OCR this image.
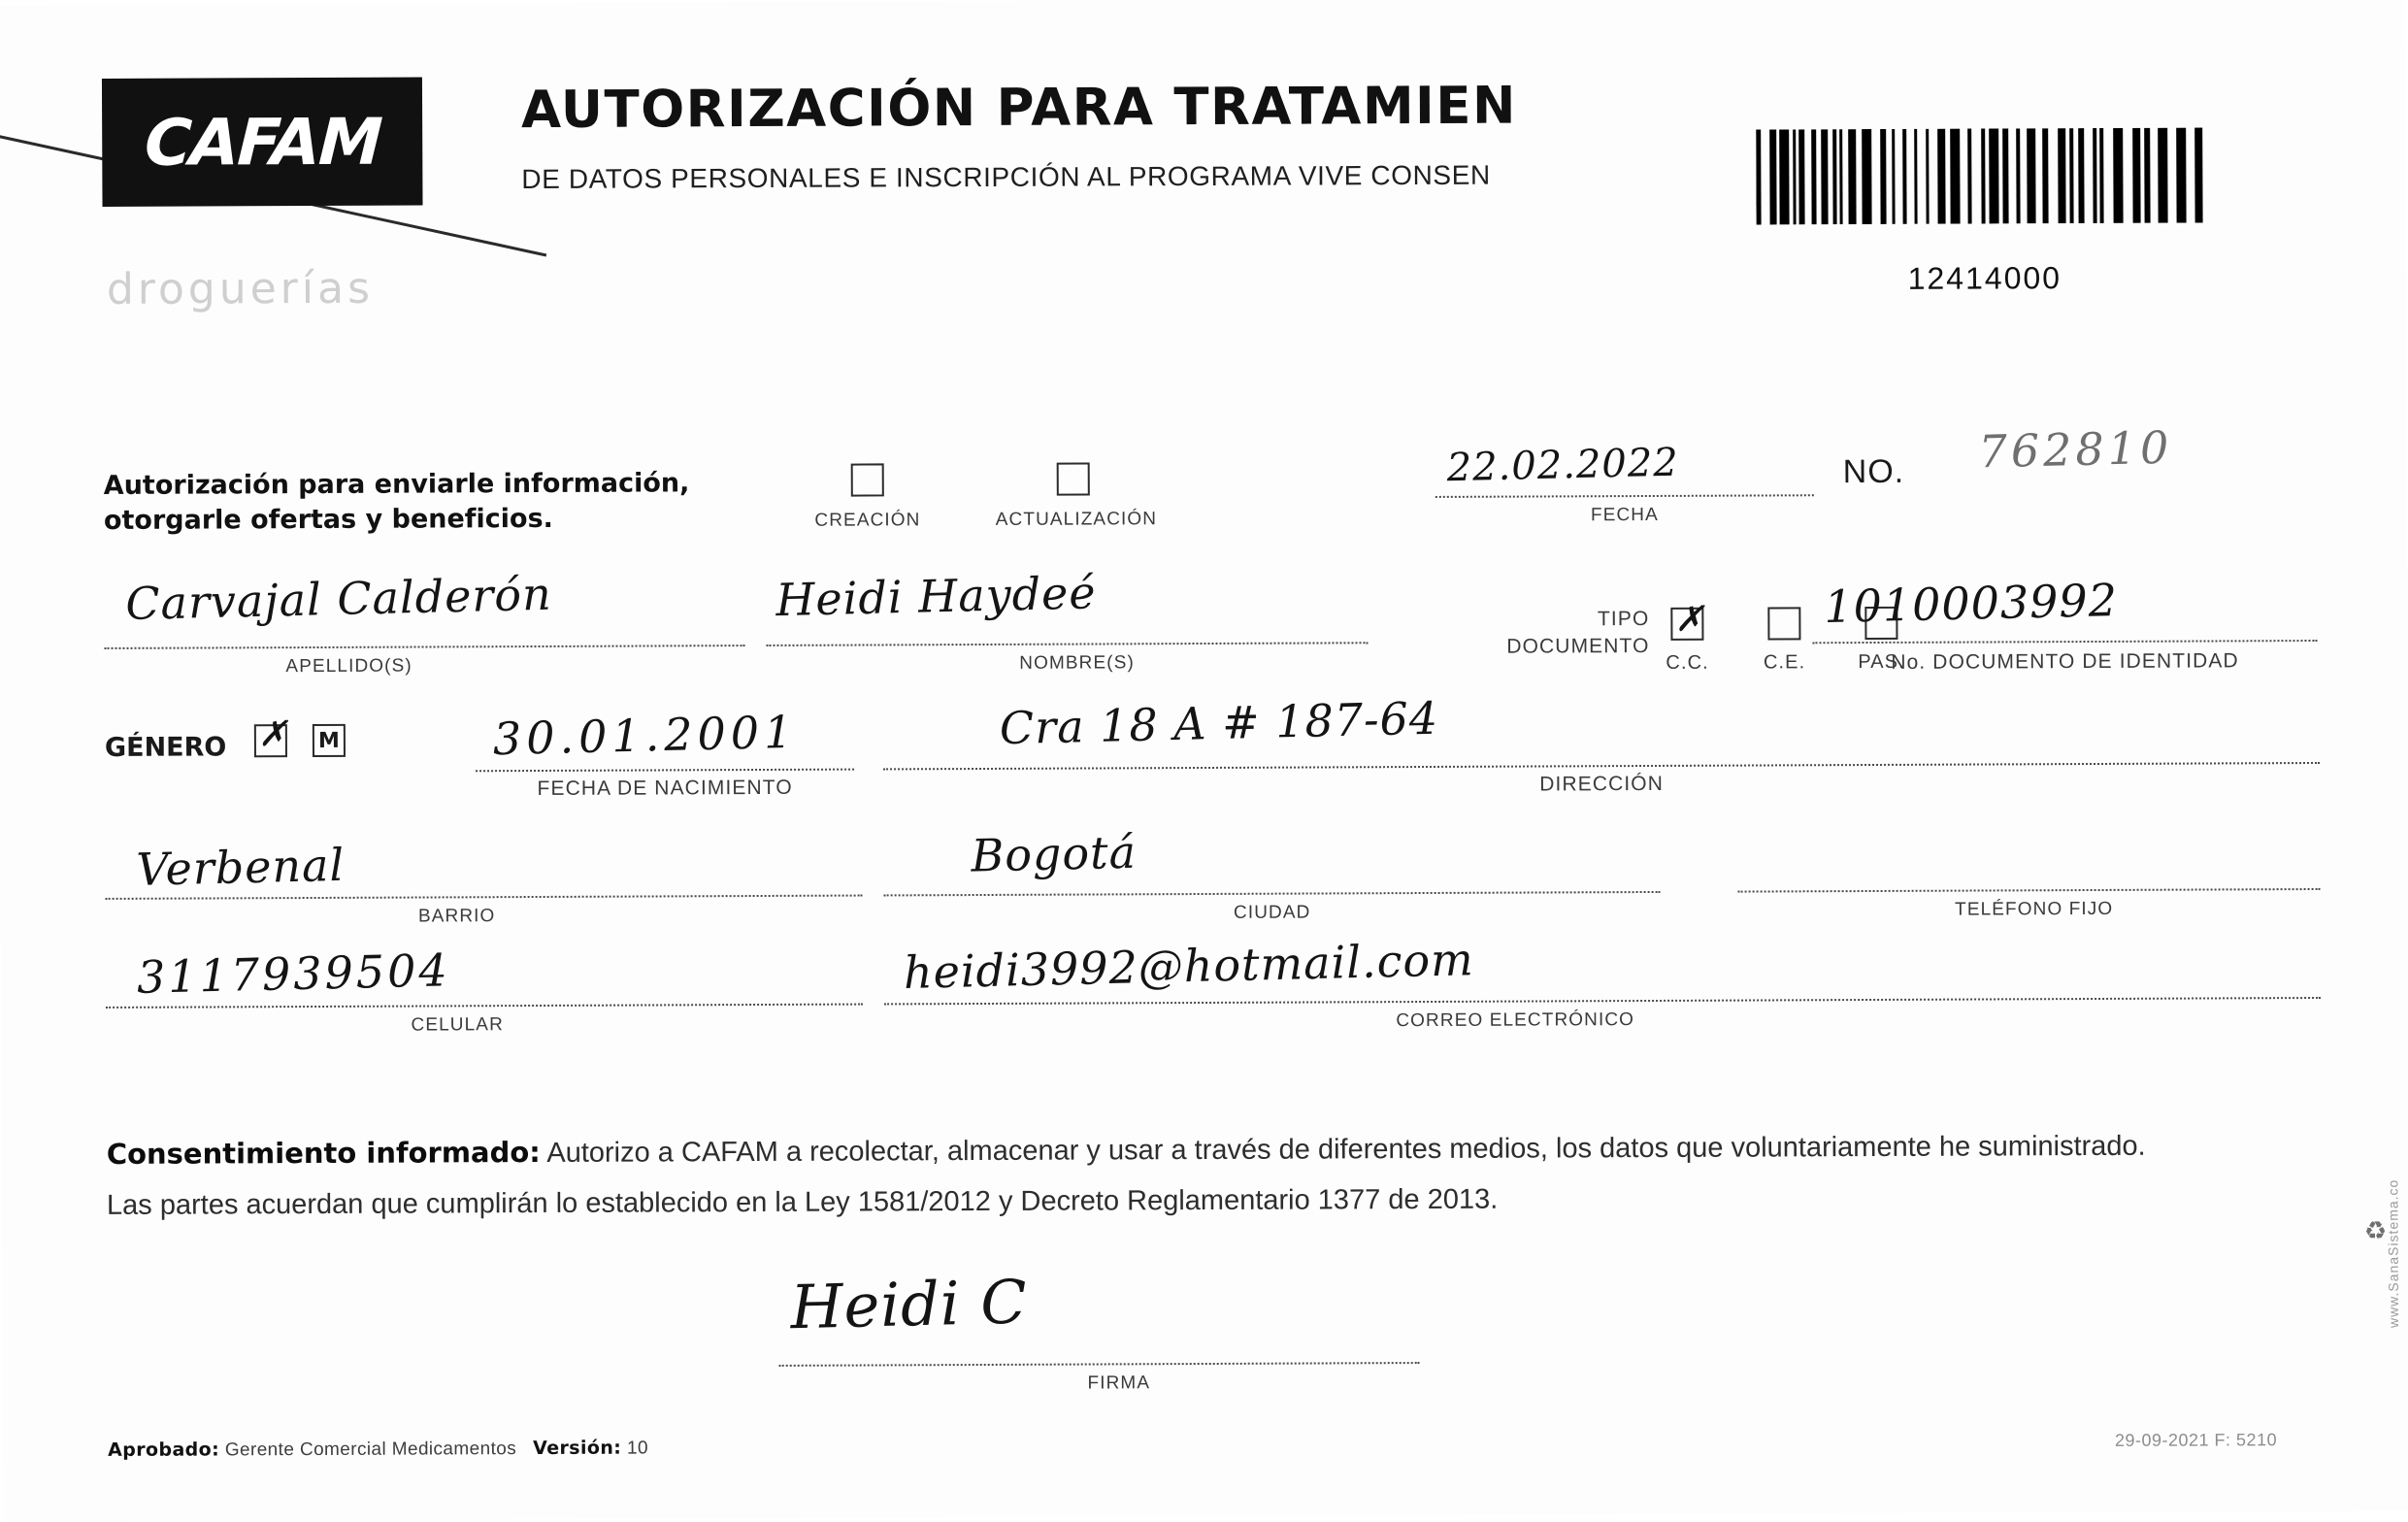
CAFAM
droguerías
AUTORIZACIÓN PARA TRATAMIEN
DE DATOS PERSONALES E INSCRIPCIÓN AL PROGRAMA VIVE CONSEN
12414000
Autorización para enviarle información,
otorgarle ofertas y beneficios.	CREACIÓN	ACTUALIZACIÓN
22.02.2022
FECHA
NO. 762810
Carvajal Calderón
APELLIDO(S)
Heidi Haydeé
NOMBRE(S)
TIPO
DOCUMENTO
✗
C.C.	C.E.	PAS.
1010003992
No. DOCUMENTO DE IDENTIDAD
GÉNERO ✗ M	30.01.2001
FECHA DE NACIMIENTO
Cra 18 A # 187-64
DIRECCIÓN
Verbenal
BARRIO
Bogotá
CIUDAD	TELÉFONO FIJO
3117939504
CELULAR
heidi3992@hotmail.com
CORREO ELECTRÓNICO
Consentimiento informado: Autorizo a CAFAM a recolectar, almacenar y usar a través de diferentes medios, los datos que voluntariamente he suministrado.
Las partes acuerdan que cumplirán lo establecido en la Ley 1581/2012 y Decreto Reglamentario 1377 de 2013.
Heidi C
FIRMA
Aprobado: Gerente Comercial Medicamentos Versión: 10	29-09-2021 F: 5210
www.SanaSistema.co
♻
